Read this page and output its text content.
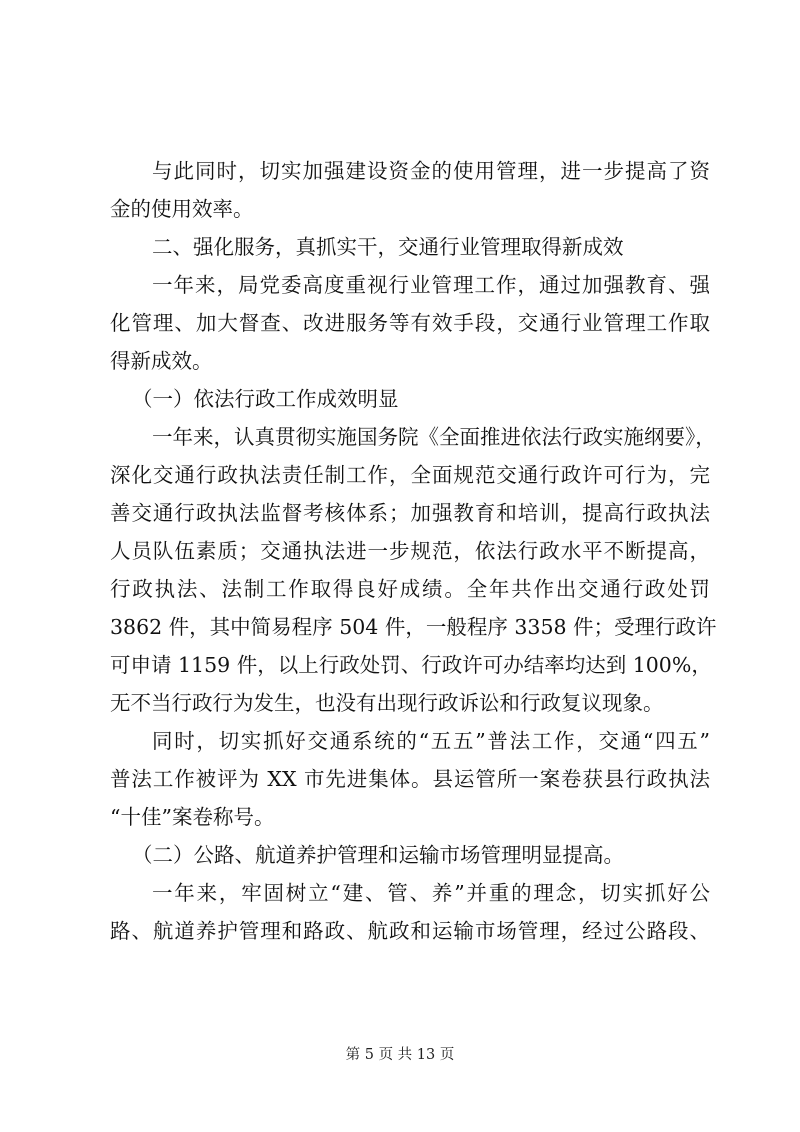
与此同时，切实加强建设资金的使用管理，进一步提高了资
金的使用效率。
二、强化服务，真抓实干，交通行业管理取得新成效
一年来，局党委高度重视行业管理工作，通过加强教育、强
化管理、加大督查、改进服务等有效手段，交通行业管理工作取
得新成效。
（一）依法行政工作成效明显
一年来，认真贯彻实施国务院《全面推进依法行政实施纲要》，
深化交通行政执法责任制工作，全面规范交通行政许可行为，完
善交通行政执法监督考核体系；加强教育和培训，提高行政执法
人员队伍素质；交通执法进一步规范，依法行政水平不断提高，
行政执法、法制工作取得良好成绩。全年共作出交通行政处罚
3862 件，其中简易程序 504 件，一般程序 3358 件；受理行政许
可申请 1159 件，以上行政处罚、行政许可办结率均达到 100%，
无不当行政行为发生，也没有出现行政诉讼和行政复议现象。
同时，切实抓好交通系统的“五五”普法工作，交通“四五”
普法工作被评为 XX 市先进集体。县运管所一案卷获县行政执法
“十佳”案卷称号。
（二）公路、航道养护管理和运输市场管理明显提高。
一年来，牢固树立“建、管、养”并重的理念，切实抓好公
路、航道养护管理和路政、航政和运输市场管理，经过公路段、
第 5 页 共 13 页
